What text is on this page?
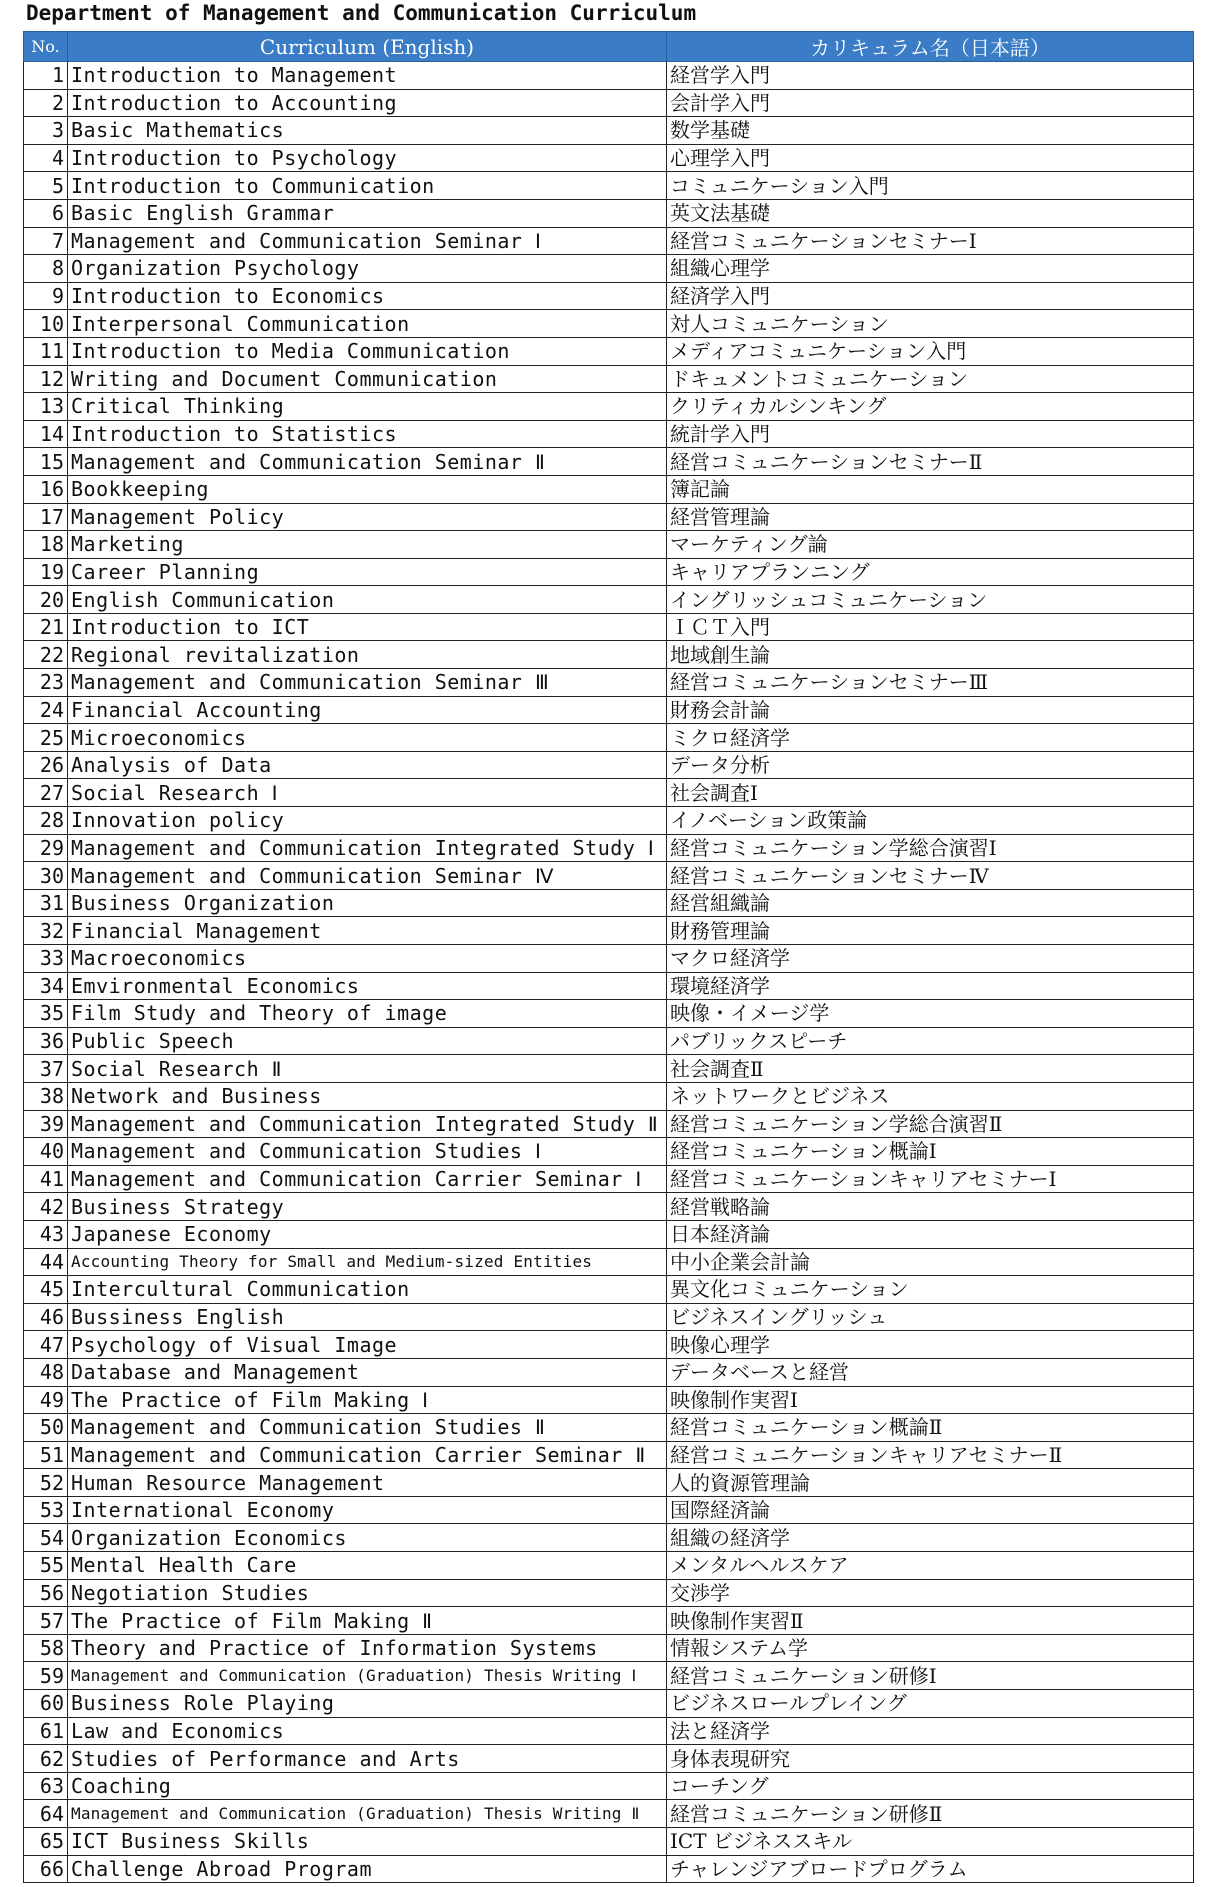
Department of Management and Communication Curriculum
No.	Curriculum (English)	カリキュラム名（日本語）
1	Introduction to Management	経営学入門
2	Introduction to Accounting	会計学入門
3	Basic Mathematics	数学基礎
4	Introduction to Psychology	心理学入門
5	Introduction to Communication	コミュニケーション入門
6	Basic English Grammar	英文法基礎
7	Management and Communication Seminar Ⅰ	経営コミュニケーションセミナーⅠ
8	Organization Psychology	組織心理学
9	Introduction to Economics	経済学入門
10	Interpersonal Communication	対人コミュニケーション
11	Introduction to Media Communication	メディアコミュニケーション入門
12	Writing and Document Communication	ドキュメントコミュニケーション
13	Critical Thinking	クリティカルシンキング
14	Introduction to Statistics	統計学入門
15	Management and Communication Seminar Ⅱ	経営コミュニケーションセミナーⅡ
16	Bookkeeping	簿記論
17	Management Policy	経営管理論
18	Marketing	マーケティング論
19	Career Planning	キャリアプランニング
20	English Communication	イングリッシュコミュニケーション
21	Introduction to ICT	ＩＣＴ入門
22	Regional revitalization	地域創生論
23	Management and Communication Seminar Ⅲ	経営コミュニケーションセミナーⅢ
24	Financial Accounting	財務会計論
25	Microeconomics	ミクロ経済学
26	Analysis of Data	データ分析
27	Social Research Ⅰ	社会調査Ⅰ
28	Innovation policy	イノベーション政策論
29	Management and Communication Integrated Study Ⅰ	経営コミュニケーション学総合演習Ⅰ
30	Management and Communication Seminar Ⅳ	経営コミュニケーションセミナーⅣ
31	Business Organization	経営組織論
32	Financial Management	財務管理論
33	Macroeconomics	マクロ経済学
34	Emvironmental Economics	環境経済学
35	Film Study and Theory of image	映像・イメージ学
36	Public Speech	パブリックスピーチ
37	Social Research Ⅱ	社会調査Ⅱ
38	Network and Business	ネットワークとビジネス
39	Management and Communication Integrated Study Ⅱ	経営コミュニケーション学総合演習Ⅱ
40	Management and Communication Studies Ⅰ	経営コミュニケーション概論Ⅰ
41	Management and Communication Carrier Seminar Ⅰ	経営コミュニケーションキャリアセミナーⅠ
42	Business Strategy	経営戦略論
43	Japanese Economy	日本経済論
44	Accounting Theory for Small and Medium-sized Entities	中小企業会計論
45	Intercultural Communication	異文化コミュニケーション
46	Bussiness English	ビジネスイングリッシュ
47	Psychology of Visual Image	映像心理学
48	Database and Management	データベースと経営
49	The Practice of Film Making Ⅰ	映像制作実習Ⅰ
50	Management and Communication Studies Ⅱ	経営コミュニケーション概論Ⅱ
51	Management and Communication Carrier Seminar Ⅱ	経営コミュニケーションキャリアセミナーⅡ
52	Human Resource Management	人的資源管理論
53	International Economy	国際経済論
54	Organization Economics	組織の経済学
55	Mental Health Care	メンタルヘルスケア
56	Negotiation Studies	交渉学
57	The Practice of Film Making Ⅱ	映像制作実習Ⅱ
58	Theory and Practice of Information Systems	情報システム学
59	Management and Communication (Graduation) Thesis Writing Ⅰ	経営コミュニケーション研修Ⅰ
60	Business Role Playing	ビジネスロールプレイング
61	Law and Economics	法と経済学
62	Studies of Performance and Arts	身体表現研究
63	Coaching	コーチング
64	Management and Communication (Graduation) Thesis Writing Ⅱ	経営コミュニケーション研修Ⅱ
65	ICT Business Skills	ICT ビジネススキル
66	Challenge Abroad Program	チャレンジアブロードプログラム
